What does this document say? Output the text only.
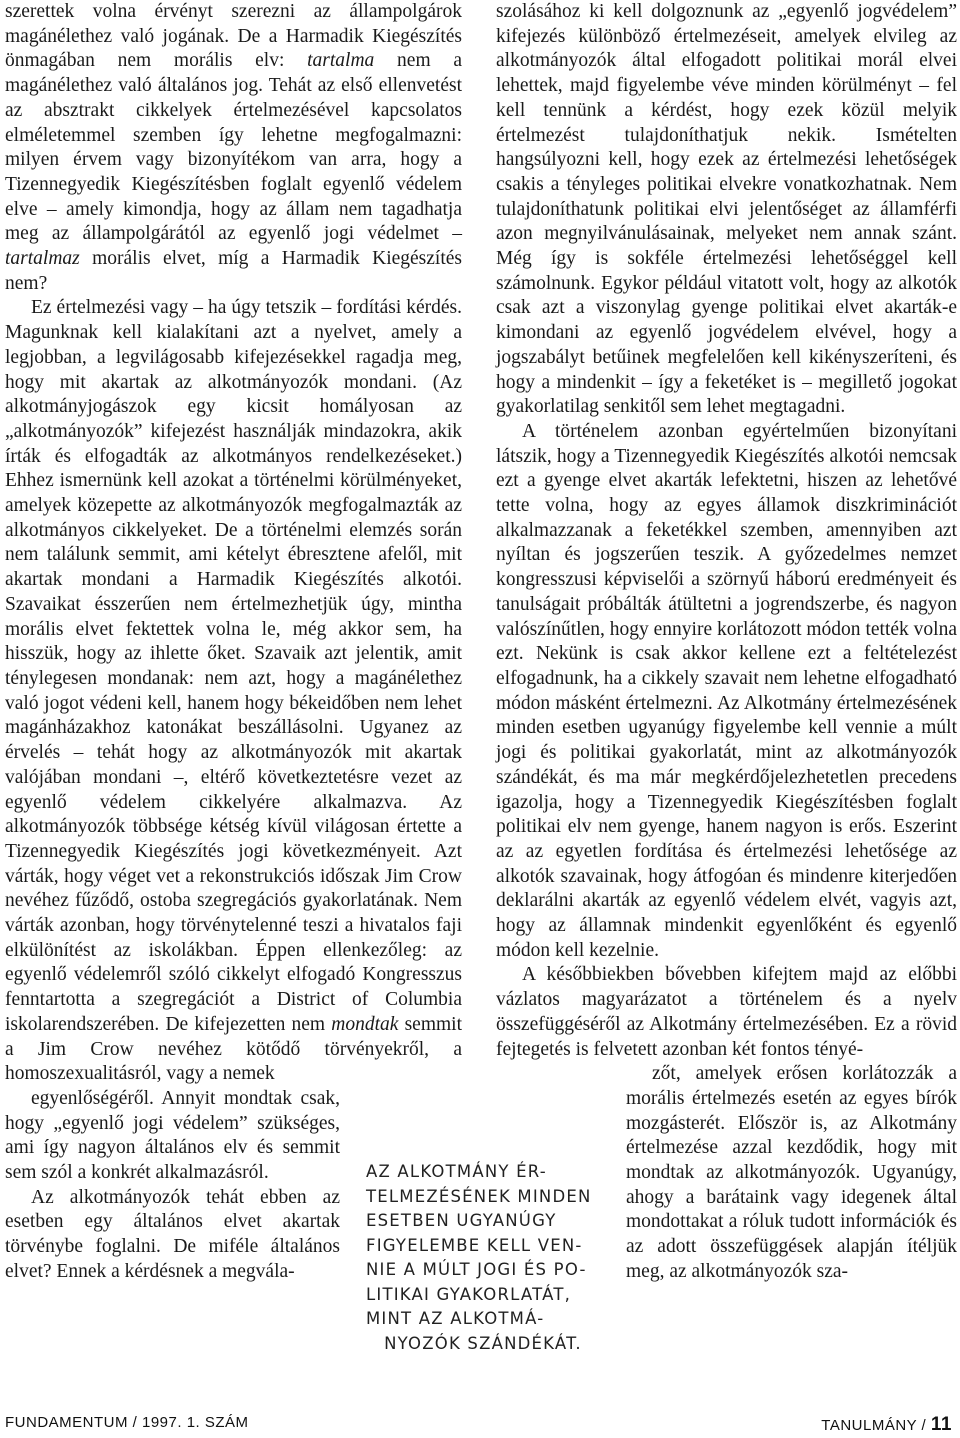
szerettek volna érvényt szerezni az állampolgárok magánélethez való jogának. De a Harmadik Kiegészítés önmagában nem morális elv: tartalma nem a magánélethez való általános jog. Tehát az első ellenvetést az absztrakt cikkelyek értelmezésével kapcsolatos elméletemmel szemben így lehetne megfogalmazni: milyen érvem vagy bizonyítékom van arra, hogy a Tizennegyedik Kiegészítésben foglalt egyenlő védelem elve – amely kimondja, hogy az állam nem tagadhatja meg az állampolgárától az egyenlő jogi védelmet – tartalmaz morális elvet, míg a Harmadik Kiegészítés nem?

Ez értelmezési vagy – ha úgy tetszik – fordítási kérdés. Magunknak kell kialakítani azt a nyelvet, amely a legjobban, a legvilágosabb kifejezésekkel ragadja meg, hogy mit akartak az alkotmányozók mondani. (Az alkotmányjogászok egy kicsit homályosan az „alkotmányozók” kifejezést használják mindazokra, akik írták és elfogadták az alkotmányos rendelkezéseket.) Ehhez ismernünk kell azokat a történelmi körülményeket, amelyek közepette az alkotmányozók megfogalmazták az alkotmányos cikkelyeket. De a történelmi elemzés során nem találunk semmit, ami kételyt ébresztene afelől, mit akartak mondani a Harmadik Kiegészítés alkotói. Szavaikat ésszerűen nem értelmezhetjük úgy, mintha morális elvet fektettek volna le, még akkor sem, ha hisszük, hogy az ihlette őket. Szavaik azt jelentik, amit ténylegesen mondanak: nem azt, hogy a magánélethez való jogot védeni kell, hanem hogy békeidőben nem lehet magánházakhoz katonákat beszállásolni. Ugyanez az érvelés – tehát hogy az alkotmányozók mit akartak valójában mondani –, eltérő következtetésre vezet az egyenlő védelem cikkelyére alkalmazva. Az alkotmányozók többsége kétség kívül világosan értette a Tizennegyedik Kiegészítés jogi következményeit. Azt várták, hogy véget vet a rekonstrukciós időszak Jim Crow nevéhez fűződő, ostoba szegregációs gyakorlatának. Nem várták azonban, hogy törvénytelenné teszi a hivatalos faji elkülönítést az iskolákban. Éppen ellenkezőleg: az egyenlő védelemről szóló cikkelyt elfogadó Kongresszus fenntartotta a szegregációt a District of Columbia iskolarendszerében. De kifejezetten nem mondtak semmit a Jim Crow nevéhez kötődő törvényekről, a homoszexualitásról, vagy a nemek
egyenlőségéről. Annyit mondtak csak, hogy „egyenlő jogi védelem” szükséges, ami így nagyon általános elv és semmit sem szól a konkrét alkalmazásról.

Az alkotmányozók tehát ebben az esetben egy általános elvet akartak törvénybe foglalni. De miféle általános elvet? Ennek a kérdésnek a megvála-

szolásához ki kell dolgoznunk az „egyenlő jogvédelem” kifejezés különböző értelmezéseit, amelyek elvileg az alkotmányozók által elfogadott politikai morál elvei lehettek, majd figyelembe véve minden körülményt – fel kell tennünk a kérdést, hogy ezek közül melyik értelmezést tulajdoníthatjuk nekik. Ismételten hangsúlyozni kell, hogy ezek az értelmezési lehetőségek csakis a tényleges politikai elvekre vonatkozhatnak. Nem tulajdoníthatunk politikai elvi jelentőséget az államférfi azon megnyilvánulásainak, melyeket nem annak szánt. Még így is sokféle értelmezési lehetőséggel kell számolnunk. Egykor például vitatott volt, hogy az alkotók csak azt a viszonylag gyenge politikai elvet akarták-e kimondani az egyenlő jogvédelem elvével, hogy a jogszabályt betűinek megfelelően kell kikényszeríteni, és hogy a mindenkit – így a feketéket is – megillető jogokat gyakorlatilag senkitől sem lehet megtagadni.

A történelem azonban egyértelműen bizonyítani látszik, hogy a Tizennegyedik Kiegészítés alkotói nemcsak ezt a gyenge elvet akarták lefektetni, hiszen az lehetővé tette volna, hogy az egyes államok diszkriminációt alkalmazzanak a feketékkel szemben, amennyiben azt nyíltan és jogszerűen teszik. A győzedelmes nemzet kongresszusi képviselői a szörnyű háború eredményeit és tanulságait próbálták átültetni a jogrendszerbe, és nagyon valószínűtlen, hogy ennyire korlátozott módon tették volna ezt. Nekünk is csak akkor kellene ezt a feltételezést elfogadnunk, ha a cikkely szavait nem lehetne elfogadható módon másként értelmezni. Az Alkotmány értelmezésének minden esetben ugyanúgy figyelembe kell vennie a múlt jogi és politikai gyakorlatát, mint az alkotmányozók szándékát, és ma már megkérdőjelezhetetlen precedens igazolja, hogy a Tizennegyedik Kiegészítésben foglalt politikai elv nem gyenge, hanem nagyon is erős. Eszerint az az egyetlen fordítása és értelmezési lehetősége az alkotók szavainak, hogy átfogóan és mindenre kiterjedően deklarálni akarták az egyenlő védelem elvét, vagyis azt, hogy az államnak mindenkit egyenlőként és egyenlő módon kell kezelnie.

A későbbiekben bővebben kifejtem majd az előbbi vázlatos magyarázatot a történelem és a nyelv összefüggéséről az Alkotmány értelmezésében. Ez a rövid fejtegetés is felvetett azonban két fontos tényé-
zőt, amelyek erősen korlátozzák a morális értelmezés esetén az egyes bírók mozgásterét. Először is, az Alkotmány értelmezése azzal kezdődik, hogy mit mondtak az alkotmányozók. Ugyanúgy, ahogy a barátaink vagy idegenek által mondottakat a róluk tudott információk és az adott összefüggések alapján ítéljük meg, az alkotmányozók sza-

AZ ALKOTMÁNY ÉR-
TELMEZÉSÉNEK MINDEN
ESETBEN UGYANÚGY
FIGYELEMBE KELL VEN-
NIE A MÚLT JOGI ÉS PO-
LITIKAI GYAKORLATÁT,
MINT AZ ALKOTMÁ-
NYOZÓK SZÁNDÉKÁT.
FUNDAMENTUM / 1997. 1. SZÁM	TANULMÁNY / 11
